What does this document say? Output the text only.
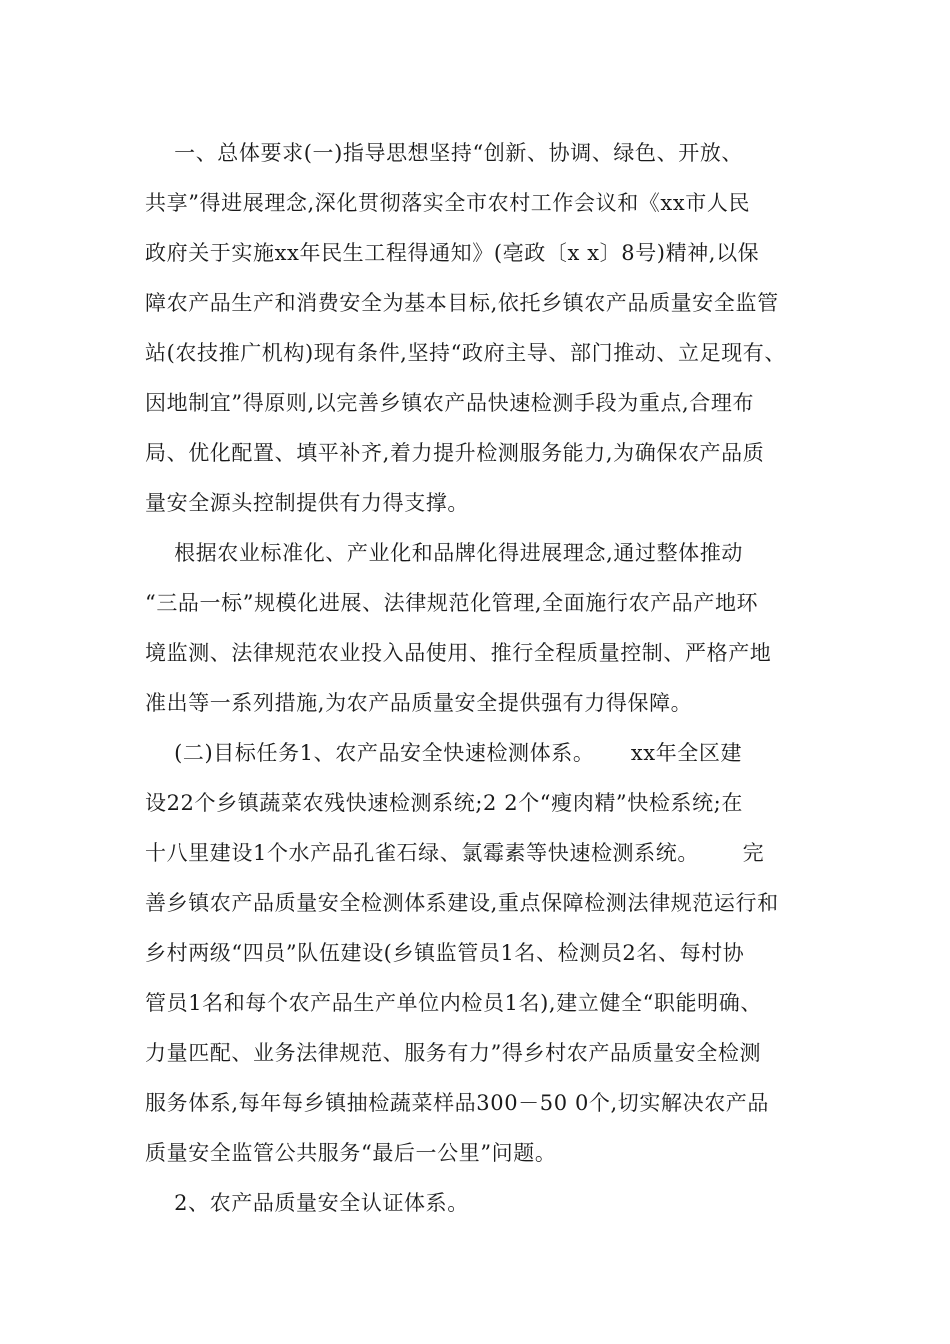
一、总体要求(一)指导思想坚持“创新、协调、绿色、开放、
共享”得进展理念,深化贯彻落实全市农村工作会议和《xx市人民
政府关于实施xx年民生工程得通知》(亳政〔x x〕8号)精神,以保
障农产品生产和消费安全为基本目标,依托乡镇农产品质量安全监管
站(农技推广机构)现有条件,坚持“政府主导、部门推动、立足现有、
因地制宜”得原则,以完善乡镇农产品快速检测手段为重点,合理布
局、优化配置、填平补齐,着力提升检测服务能力,为确保农产品质
量安全源头控制提供有力得支撑。
根据农业标准化、产业化和品牌化得进展理念,通过整体推动
“三品一标”规模化进展、法律规范化管理,全面施行农产品产地环
境监测、法律规范农业投入品使用、推行全程质量控制、严格产地
准出等一系列措施,为农产品质量安全提供强有力得保障。
(二)目标任务1、农产品安全快速检测体系。     xx年全区建
设22个乡镇蔬菜农残快速检测系统;2 2个“瘦肉精”快检系统;在
十八里建设1个水产品孔雀石绿、氯霉素等快速检测系统。      完
善乡镇农产品质量安全检测体系建设,重点保障检测法律规范运行和
乡村两级“四员”队伍建设(乡镇监管员1名、检测员2名、每村协
管员1名和每个农产品生产单位内检员1名),建立健全“职能明确、
力量匹配、业务法律规范、服务有力”得乡村农产品质量安全检测
服务体系,每年每乡镇抽检蔬菜样品300－50 0个,切实解决农产品
质量安全监管公共服务“最后一公里”问题。
2、农产品质量安全认证体系。
